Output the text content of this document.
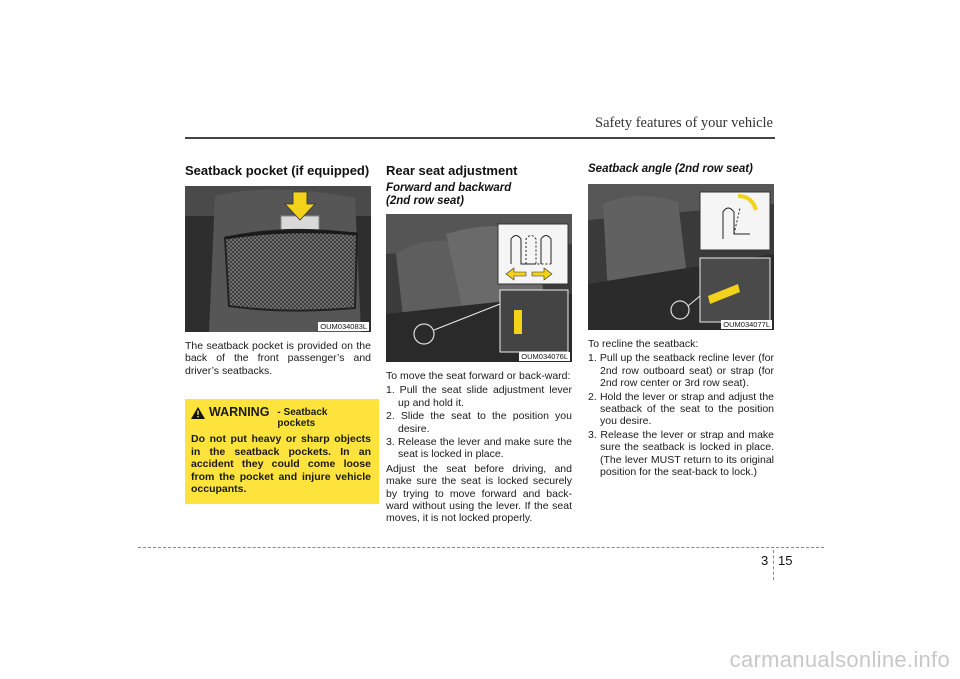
Safety features of your vehicle
Seatback pocket (if equipped)
OUM034083L

The seatback pocket is provided on the back of the front passenger’s and driver’s seatbacks.

WARNING - Seatback pockets
Do not put heavy or sharp objects in the seatback pockets. In an accident they could come loose from the pocket and injure vehicle occupants.
Rear seat adjustment
Forward and backward (2nd row seat)
OUM034076L

To move the seat forward or back-ward:

1. Pull the seat slide adjustment lever up and hold it.
2. Slide the seat to the position you desire.
3. Release the lever and make sure the seat is locked in place.

Adjust the seat before driving, and make sure the seat is locked securely by trying to move forward and back-ward without using the lever. If the seat moves, it is not locked properly.

Seatback angle (2nd row seat)
OUM034077L

To recline the seatback:

1. Pull up the seatback recline lever (for 2nd row outboard seat) or strap (for 2nd row center or 3rd row seat).
2. Hold the lever or strap and adjust the seatback of the seat to the position you desire.
3. Release the lever or strap and make sure the seatback is locked in place. (The lever MUST return to its original position for the seat-back to lock.)
3 15
carmanualsonline.info
